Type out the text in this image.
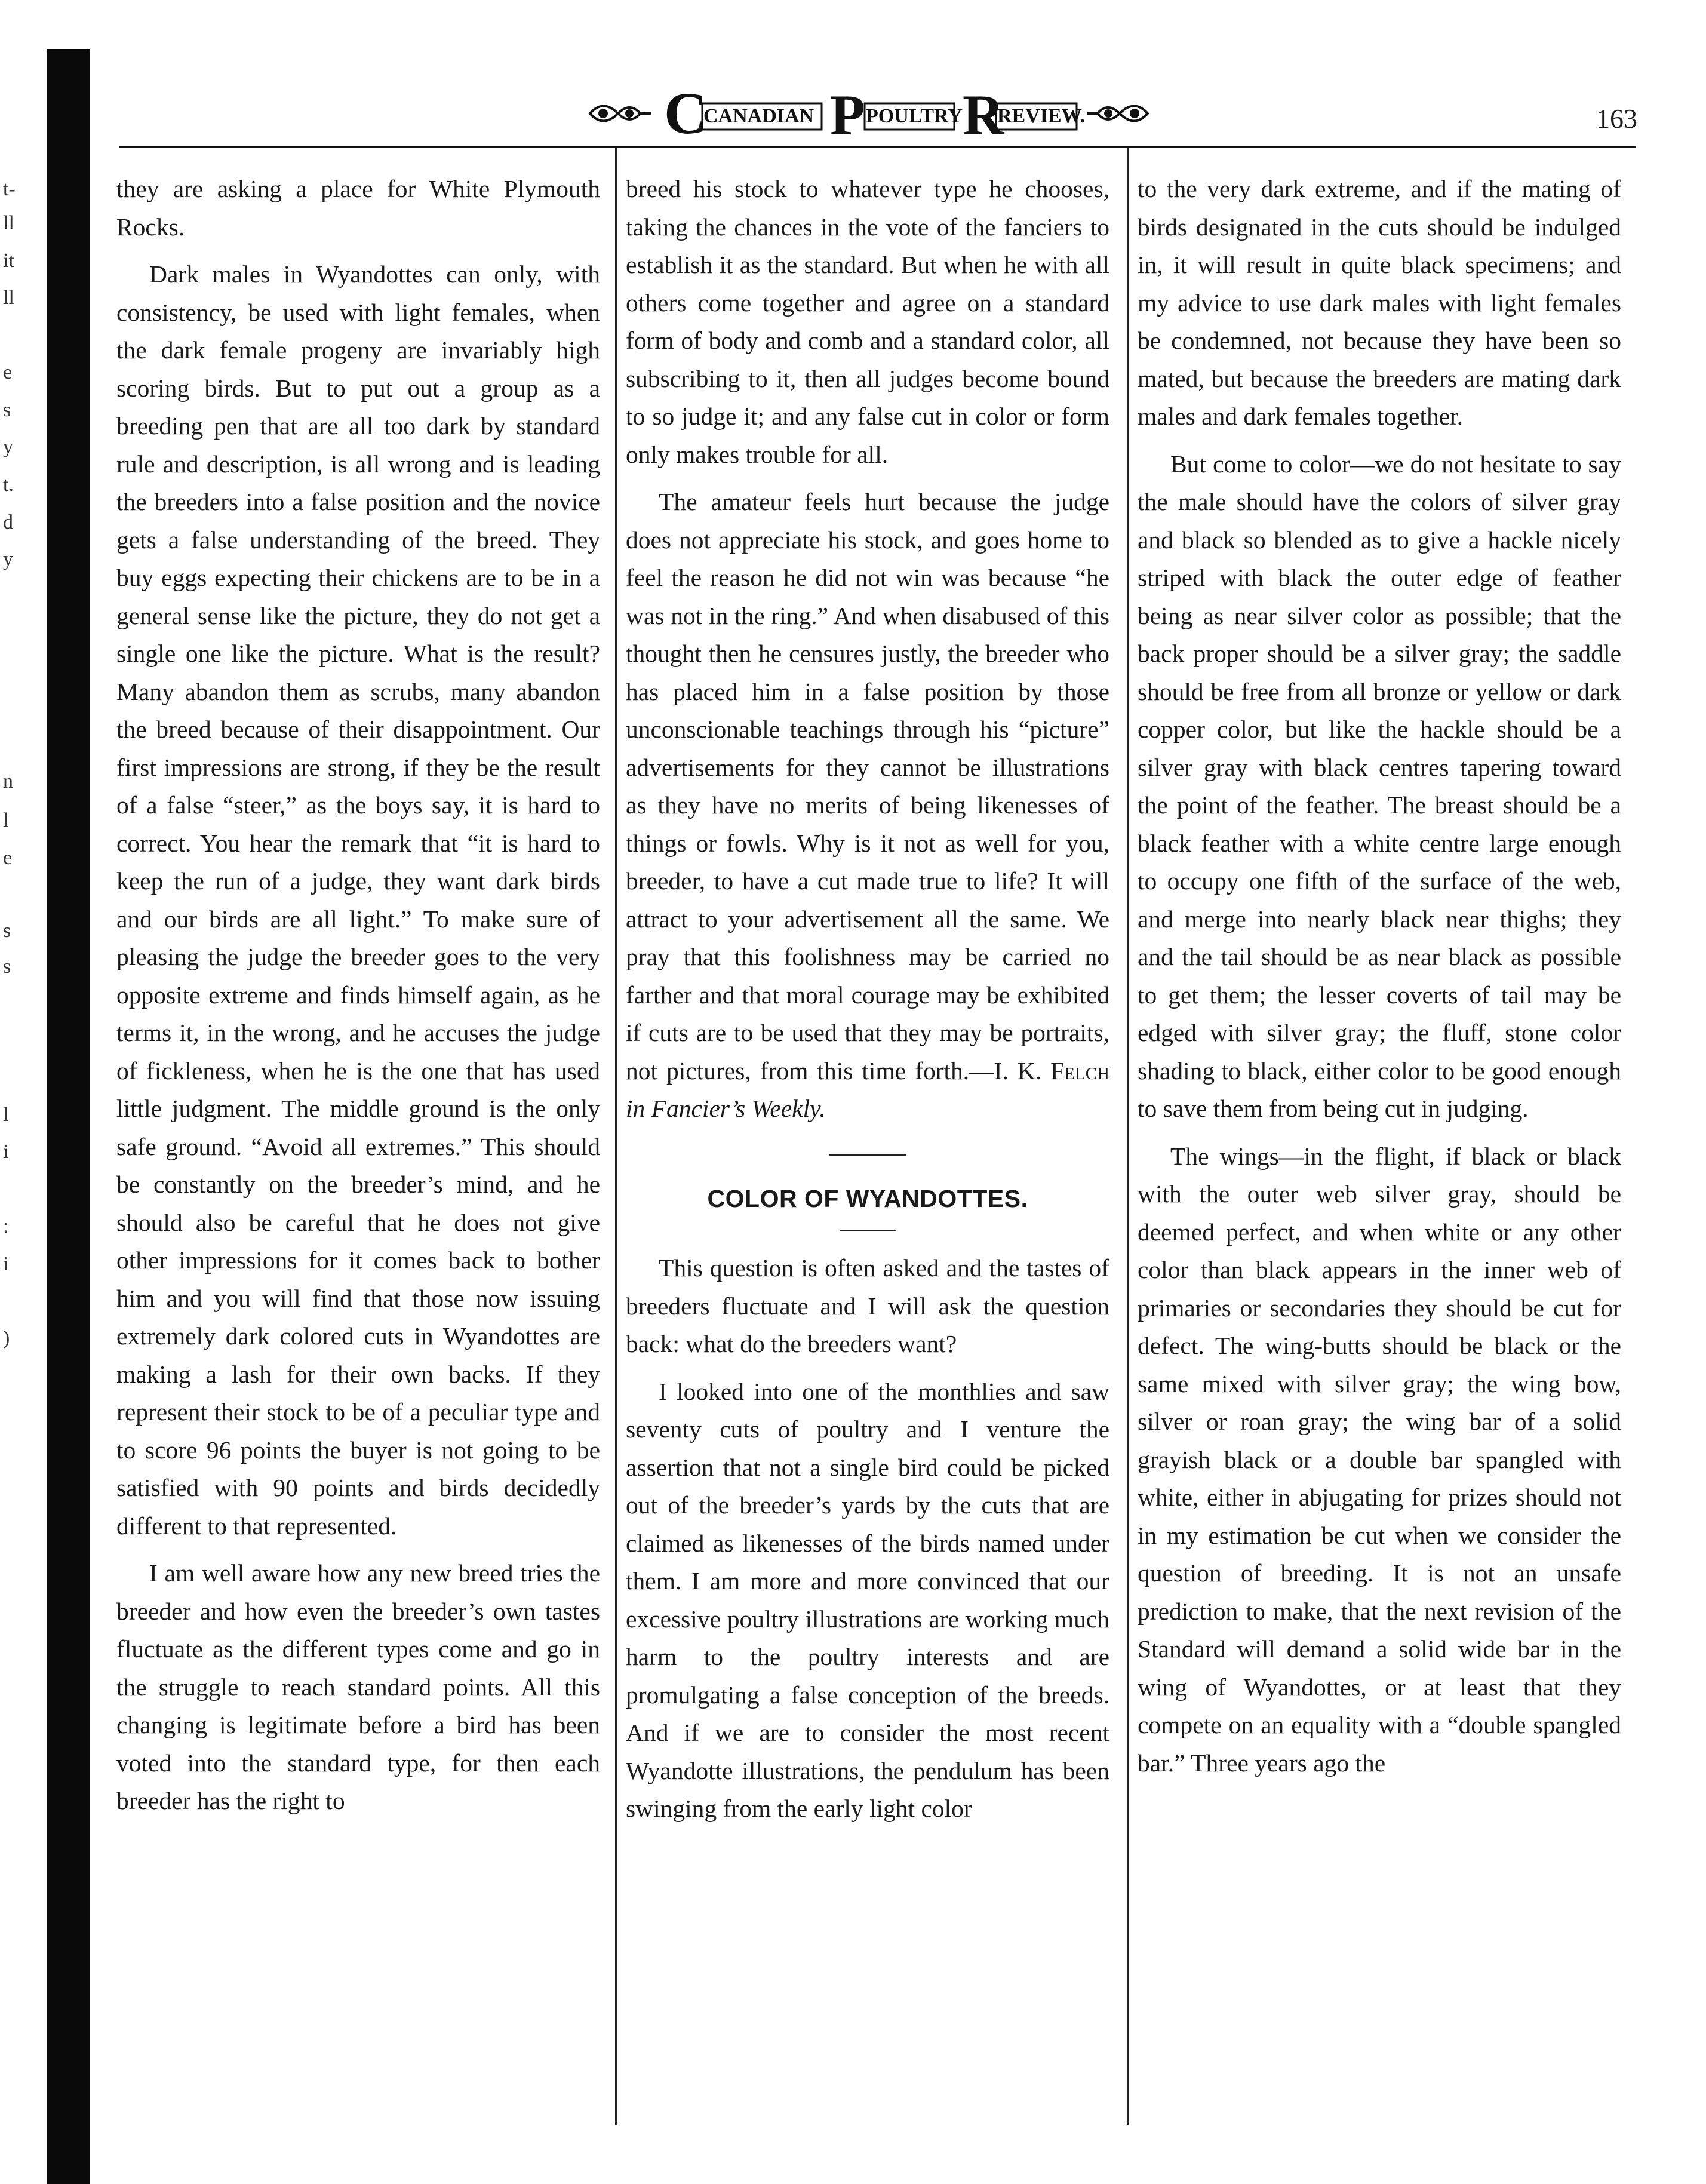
t-
ll
it
ll
e
s
y
t.
d
y
n
l
e
s
s
l
i
:
i
)
C
CANADIAN P POULTRY R
REVIEW.	163

they are asking a place for White Plymouth Rocks.

Dark males in Wyandottes can only, with consistency, be used with light females, when the dark female progeny are invariably high scoring birds. But to put out a group as a breeding pen that are all too dark by standard rule and description, is all wrong and is leading the breeders into a false position and the novice gets a false understanding of the breed. They buy eggs expecting their chickens are to be in a general sense like the picture, they do not get a single one like the picture. What is the result? Many abandon them as scrubs, many abandon the breed because of their disappointment. Our first impressions are strong, if they be the result of a false “steer,” as the boys say, it is hard to correct. You hear the remark that “it is hard to keep the run of a judge, they want dark birds and our birds are all light.” To make sure of pleasing the judge the breeder goes to the very opposite extreme and finds himself again, as he terms it, in the wrong, and he accuses the judge of fickleness, when he is the one that has used little judgment. The middle ground is the only safe ground. “Avoid all extremes.” This should be constantly on the breeder’s mind, and he should also be careful that he does not give other impressions for it comes back to bother him and you will find that those now issuing extremely dark colored cuts in Wyandottes are making a lash for their own backs. If they represent their stock to be of a peculiar type and to score 96 points the buyer is not going to be satisfied with 90 points and birds decidedly different to that represented.

I am well aware how any new breed tries the breeder and how even the breeder’s own tastes fluctuate as the different types come and go in the struggle to reach standard points. All this changing is legitimate before a bird has been voted into the standard type, for then each breeder has the right to

breed his stock to whatever type he chooses, taking the chances in the vote of the fanciers to establish it as the standard. But when he with all others come together and agree on a standard form of body and comb and a standard color, all subscribing to it, then all judges become bound to so judge it; and any false cut in color or form only makes trouble for all.

The amateur feels hurt because the judge does not appreciate his stock, and goes home to feel the reason he did not win was because “he was not in the ring.” And when disabused of this thought then he censures justly, the breeder who has placed him in a false position by those unconscionable teachings through his “picture” advertisements for they cannot be illustrations as they have no merits of being likenesses of things or fowls. Why is it not as well for you, breeder, to have a cut made true to life? It will attract to your advertisement all the same. We pray that this foolishness may be carried no farther and that moral courage may be exhibited if cuts are to be used that they may be portraits, not pictures, from this time forth.—I. K. Felch in Fancier’s Weekly.

COLOR OF WYANDOTTES.

This question is often asked and the tastes of breeders fluctuate and I will ask the question back: what do the breeders want?

I looked into one of the monthlies and saw seventy cuts of poultry and I venture the assertion that not a single bird could be picked out of the breeder’s yards by the cuts that are claimed as likenesses of the birds named under them. I am more and more convinced that our excessive poultry illustrations are working much harm to the poultry interests and are promulgating a false conception of the breeds. And if we are to consider the most recent Wyandotte illustrations, the pendulum has been swinging from the early light color

to the very dark extreme, and if the mating of birds designated in the cuts should be indulged in, it will result in quite black specimens; and my advice to use dark males with light females be condemned, not because they have been so mated, but because the breeders are mating dark males and dark females together.

But come to color—we do not hesitate to say the male should have the colors of silver gray and black so blended as to give a hackle nicely striped with black the outer edge of feather being as near silver color as possible; that the back proper should be a silver gray; the saddle should be free from all bronze or yellow or dark copper color, but like the hackle should be a silver gray with black centres tapering toward the point of the feather. The breast should be a black feather with a white centre large enough to occupy one fifth of the surface of the web, and merge into nearly black near thighs; they and the tail should be as near black as possible to get them; the lesser coverts of tail may be edged with silver gray; the fluff, stone color shading to black, either color to be good enough to save them from being cut in judging.

The wings—in the flight, if black or black with the outer web silver gray, should be deemed perfect, and when white or any other color than black appears in the inner web of primaries or secondaries they should be cut for defect. The wing-butts should be black or the same mixed with silver gray; the wing bow, silver or roan gray; the wing bar of a solid grayish black or a double bar spangled with white, either in abjugating for prizes should not in my estimation be cut when we consider the question of breeding. It is not an unsafe prediction to make, that the next revision of the Standard will demand a solid wide bar in the wing of Wyandottes, or at least that they compete on an equality with a “double spangled bar.” Three years ago the
